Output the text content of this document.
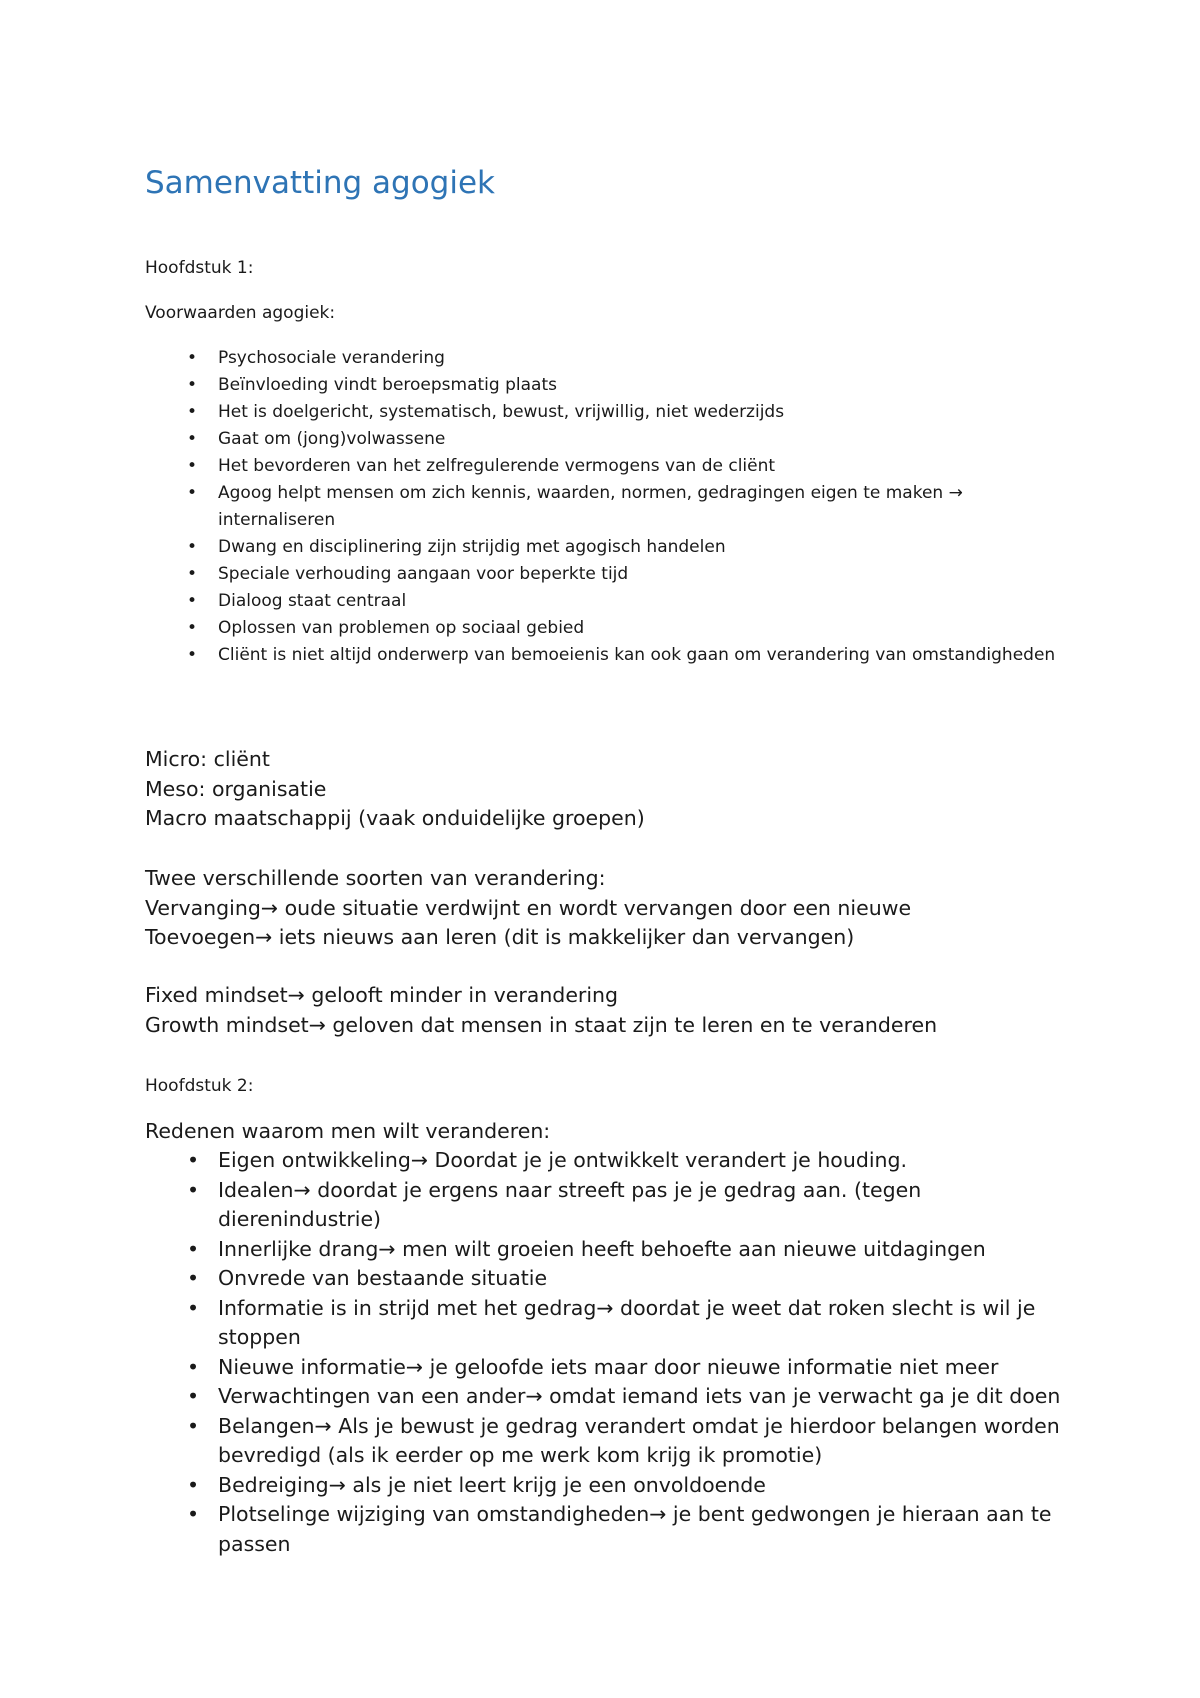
Samenvatting agogiek
Hoofdstuk 1:
Voorwaarden agogiek:
• Psychosociale verandering
• Beïnvloeding vindt beroepsmatig plaats
• Het is doelgericht, systematisch, bewust, vrijwillig, niet wederzijds
• Gaat om (jong)volwassene
• Het bevorderen van het zelfregulerende vermogens van de cliënt
• Agoog helpt mensen om zich kennis, waarden, normen, gedragingen eigen te maken → internaliseren
• Dwang en disciplinering zijn strijdig met agogisch handelen
• Speciale verhouding aangaan voor beperkte tijd
• Dialoog staat centraal
• Oplossen van problemen op sociaal gebied
• Cliënt is niet altijd onderwerp van bemoeienis kan ook gaan om verandering van omstandigheden
Micro: cliënt
Meso: organisatie
Macro maatschappij (vaak onduidelijke groepen)
Twee verschillende soorten van verandering:
Vervanging→ oude situatie verdwijnt en wordt vervangen door een nieuwe
Toevoegen→ iets nieuws aan leren (dit is makkelijker dan vervangen)
Fixed mindset→ gelooft minder in verandering
Growth mindset→ geloven dat mensen in staat zijn te leren en te veranderen
Hoofdstuk 2:
Redenen waarom men wilt veranderen:
• Eigen ontwikkeling→ Doordat je je ontwikkelt verandert je houding.
• Idealen→ doordat je ergens naar streeft pas je je gedrag aan. (tegen dierenindustrie)
• Innerlijke drang→ men wilt groeien heeft behoefte aan nieuwe uitdagingen
• Onvrede van bestaande situatie
• Informatie is in strijd met het gedrag→ doordat je weet dat roken slecht is wil je stoppen
• Nieuwe informatie→ je geloofde iets maar door nieuwe informatie niet meer
• Verwachtingen van een ander→ omdat iemand iets van je verwacht ga je dit doen
• Belangen→ Als je bewust je gedrag verandert omdat je hierdoor belangen worden bevredigd (als ik eerder op me werk kom krijg ik promotie)
• Bedreiging→ als je niet leert krijg je een onvoldoende
• Plotselinge wijziging van omstandigheden→ je bent gedwongen je hieraan aan te passen
